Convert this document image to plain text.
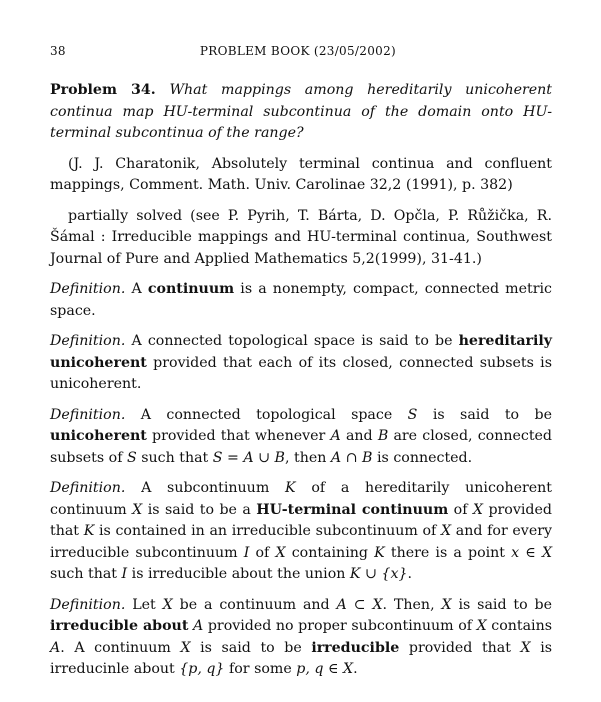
38	PROBLEM BOOK (23/05/2002)

Problem 34. What mappings among hereditarily unicoherent continua map HU-terminal subcontinua of the domain onto HU-terminal subcontinua of the range?

(J. J. Charatonik, Absolutely terminal continua and confluent mappings, Comment. Math. Univ. Carolinae 32,2 (1991), p. 382)

partially solved (see P. Pyrih, T. Bárta, D. Opčla, P. Růžička, R. Šámal : Irreducible mappings and HU-terminal continua, Southwest Journal of Pure and Applied Mathematics 5,2(1999), 31-41.)

Definition. A continuum is a nonempty, compact, connected metric space.

Definition. A connected topological space is said to be hereditarily unicoherent provided that each of its closed, connected subsets is unicoherent.

Definition. A connected topological space S is said to be unicoherent provided that whenever A and B are closed, connected subsets of S such that S = A ∪ B, then A ∩ B is connected.

Definition. A subcontinuum K of a hereditarily unicoherent continuum X is said to be a HU-terminal continuum of X provided that K is contained in an irreducible subcontinuum of X and for every irreducible subcontinuum I of X containing K there is a point x ∈ X such that I is irreducible about the union K ∪ {x}.

Definition. Let X be a continuum and A ⊂ X. Then, X is said to be irreducible about A provided no proper subcontinuum of X contains A. A continuum X is said to be irreducible provided that X is irreducinle about {p, q} for some p, q ∈ X.
